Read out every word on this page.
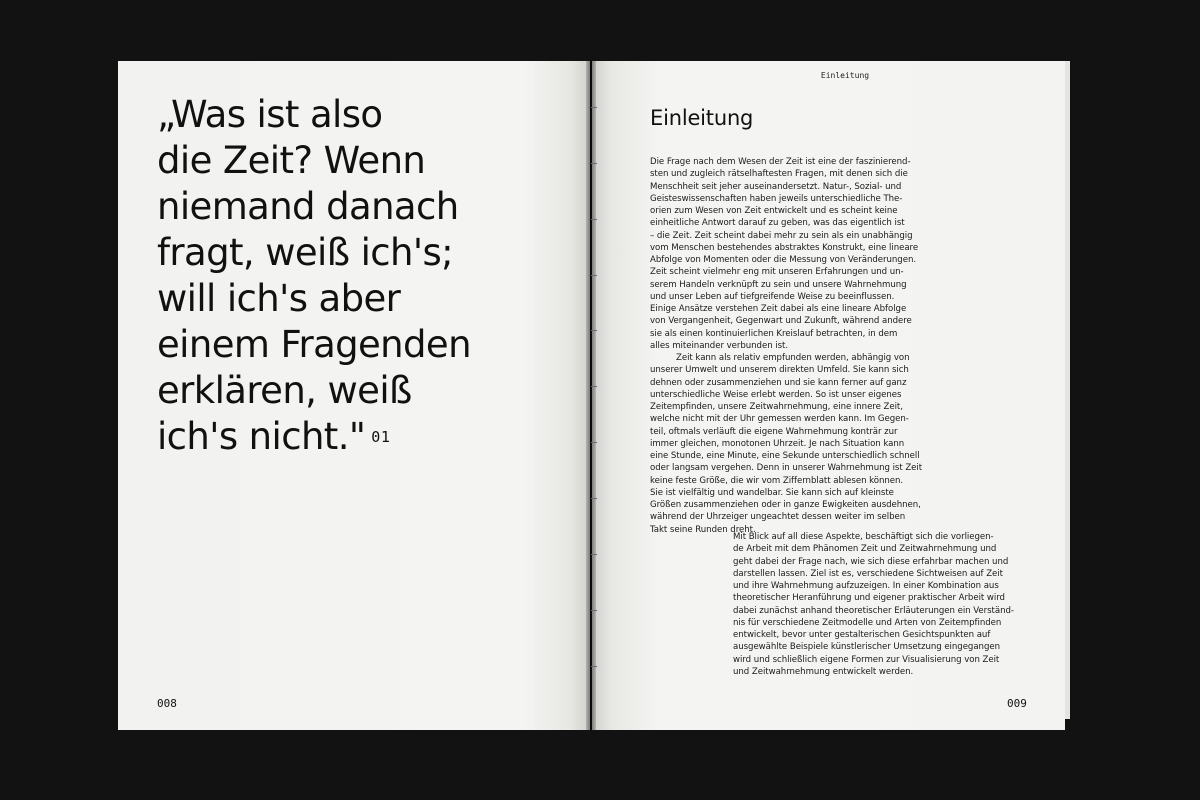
„Was ist also
die Zeit? Wenn
niemand danach
fragt, weiß ich's;
will ich's aber
einem Fragenden
erklären, weiß
ich's nicht." 01

008

Einleitung
Einleitung
Die Frage nach dem Wesen der Zeit ist eine der faszinierend-
sten und zugleich rätselhaftesten Fragen, mit denen sich die
Menschheit seit jeher auseinandersetzt. Natur-, Sozial- und
Geisteswissenschaften haben jeweils unterschiedliche The-
orien zum Wesen von Zeit entwickelt und es scheint keine
einheitliche Antwort darauf zu geben, was das eigentlich ist
– die Zeit. Zeit scheint dabei mehr zu sein als ein unabhängig
vom Menschen bestehendes abstraktes Konstrukt, eine lineare
Abfolge von Momenten oder die Messung von Veränderungen.
Zeit scheint vielmehr eng mit unseren Erfahrungen und un-
serem Handeln verknüpft zu sein und unsere Wahrnehmung
und unser Leben auf tiefgreifende Weise zu beeinflussen.
Einige Ansätze verstehen Zeit dabei als eine lineare Abfolge
von Vergangenheit, Gegenwart und Zukunft, während andere
sie als einen kontinuierlichen Kreislauf betrachten, in dem
alles miteinander verbunden ist.
Zeit kann als relativ empfunden werden, abhängig von
unserer Umwelt und unserem direkten Umfeld. Sie kann sich
dehnen oder zusammenziehen und sie kann ferner auf ganz
unterschiedliche Weise erlebt werden. So ist unser eigenes
Zeitempfinden, unsere Zeitwahrnehmung, eine innere Zeit,
welche nicht mit der Uhr gemessen werden kann. Im Gegen-
teil, oftmals verläuft die eigene Wahrnehmung konträr zur
immer gleichen, monotonen Uhrzeit. Je nach Situation kann
eine Stunde, eine Minute, eine Sekunde unterschiedlich schnell
oder langsam vergehen. Denn in unserer Wahrnehmung ist Zeit
keine feste Größe, die wir vom Ziffernblatt ablesen können.
Sie ist vielfältig und wandelbar. Sie kann sich auf kleinste
Größen zusammenziehen oder in ganze Ewigkeiten ausdehnen,
während der Uhrzeiger ungeachtet dessen weiter im selben
Takt seine Runden dreht.
Mit Blick auf all diese Aspekte, beschäftigt sich die vorliegen-
de Arbeit mit dem Phänomen Zeit und Zeitwahrnehmung und
geht dabei der Frage nach, wie sich diese erfahrbar machen und
darstellen lassen. Ziel ist es, verschiedene Sichtweisen auf Zeit
und ihre Wahrnehmung aufzuzeigen. In einer Kombination aus
theoretischer Heranführung und eigener praktischer Arbeit wird
dabei zunächst anhand theoretischer Erläuterungen ein Verständ-
nis für verschiedene Zeitmodelle und Arten von Zeitempfinden
entwickelt, bevor unter gestalterischen Gesichtspunkten auf
ausgewählte Beispiele künstlerischer Umsetzung eingegangen
wird und schließlich eigene Formen zur Visualisierung von Zeit
und Zeitwahrnehmung entwickelt werden.

009
